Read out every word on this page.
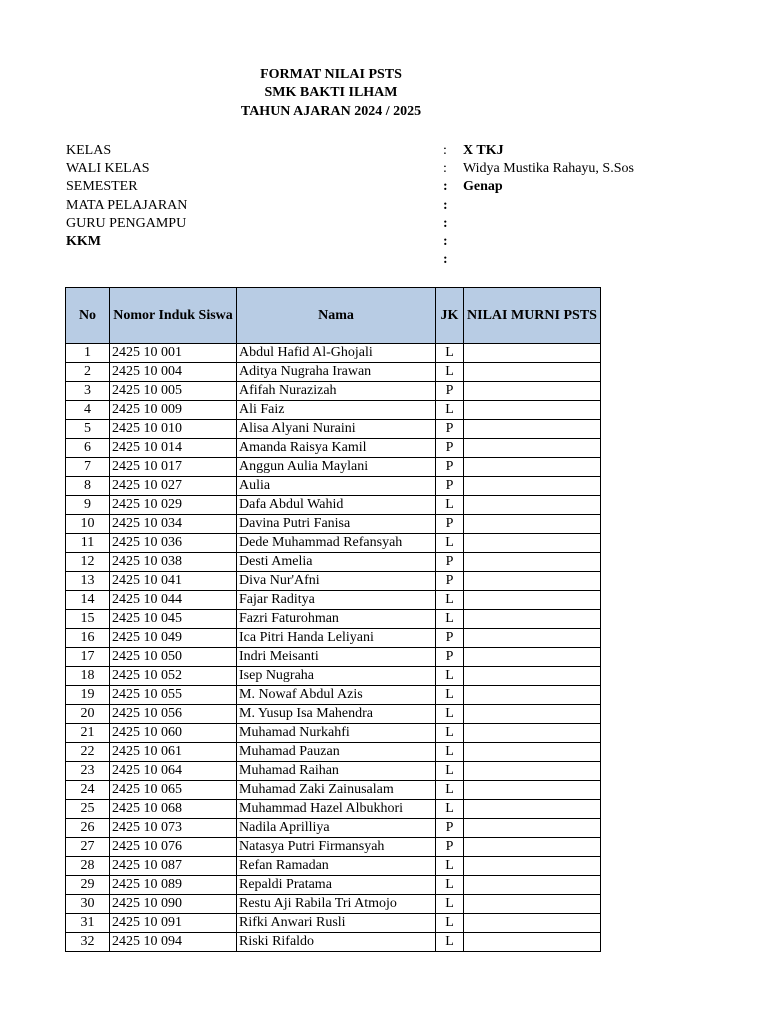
FORMAT NILAI PSTS
SMK BAKTI ILHAM
TAHUN AJARAN 2024 / 2025
KELAS	: X TKJ
WALI KELAS	: Widya Mustika Rahayu, S.Sos
SEMESTER	: Genap
MATA PELAJARAN	:
GURU PENGAMPU	:
KKM	:
:
No	Nomor Induk Siswa	Nama	JK	NILAI MURNI PSTS
1	2425 10 001	Abdul Hafid Al-Ghojali	L	
2	2425 10 004	Aditya Nugraha Irawan	L	
3	2425 10 005	Afifah Nurazizah	P	
4	2425 10 009	Ali Faiz	L	
5	2425 10 010	Alisa Alyani Nuraini	P	
6	2425 10 014	Amanda Raisya Kamil	P	
7	2425 10 017	Anggun Aulia Maylani	P	
8	2425 10 027	Aulia	P	
9	2425 10 029	Dafa Abdul Wahid	L	
10	2425 10 034	Davina Putri Fanisa	P	
11	2425 10 036	Dede Muhammad Refansyah	L	
12	2425 10 038	Desti Amelia	P	
13	2425 10 041	Diva Nur'Afni	P	
14	2425 10 044	Fajar Raditya	L	
15	2425 10 045	Fazri Faturohman	L	
16	2425 10 049	Ica Pitri Handa Leliyani	P	
17	2425 10 050	Indri Meisanti	P	
18	2425 10 052	Isep Nugraha	L	
19	2425 10 055	M. Nowaf Abdul Azis	L	
20	2425 10 056	M. Yusup Isa Mahendra	L	
21	2425 10 060	Muhamad Nurkahfi	L	
22	2425 10 061	Muhamad Pauzan	L	
23	2425 10 064	Muhamad Raihan	L	
24	2425 10 065	Muhamad Zaki Zainusalam	L	
25	2425 10 068	Muhammad Hazel Albukhori	L	
26	2425 10 073	Nadila Aprilliya	P	
27	2425 10 076	Natasya Putri Firmansyah	P	
28	2425 10 087	Refan Ramadan	L	
29	2425 10 089	Repaldi Pratama	L	
30	2425 10 090	Restu Aji Rabila Tri Atmojo	L	
31	2425 10 091	Rifki Anwari Rusli	L	
32	2425 10 094	Riski Rifaldo	L	
